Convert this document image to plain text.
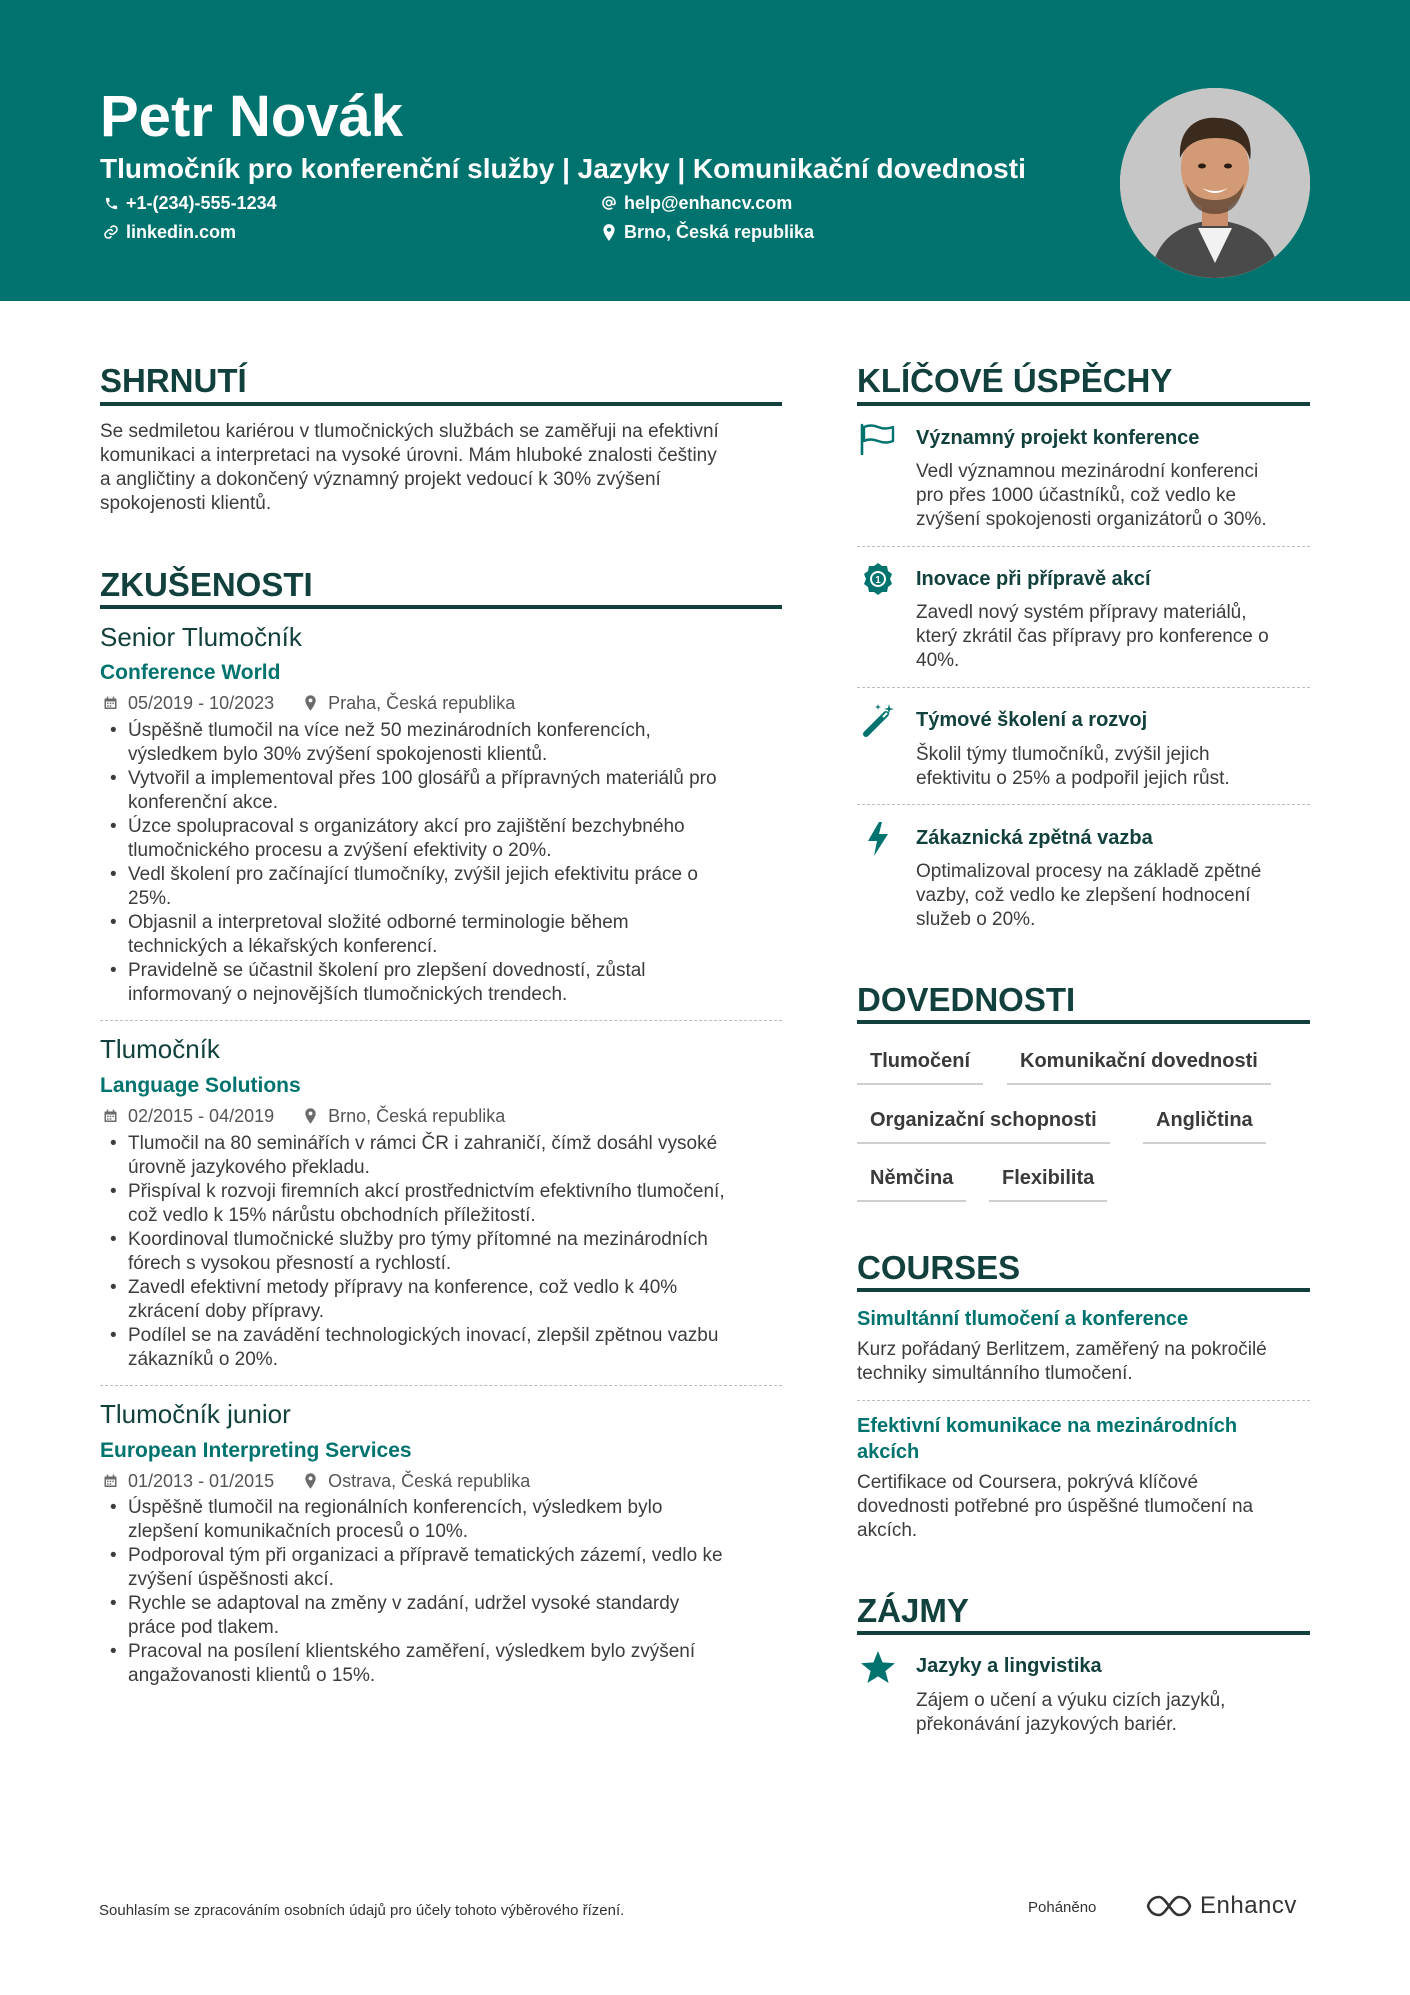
Petr Novák
Tlumočník pro konferenční služby | Jazyky | Komunikační dovednosti
+1-(234)-555-1234	help@enhancv.com
linkedin.com	Brno, Česká republika
SHRNUTÍ
Se sedmiletou kariérou v tlumočnických službách se zaměřuji na efektivní
komunikaci a interpretaci na vysoké úrovni. Mám hluboké znalosti češtiny
a angličtiny a dokončený významný projekt vedoucí k 30% zvýšení
spokojenosti klientů.
ZKUŠENOSTI
Senior Tlumočník
Conference World
05/2019 - 10/2023	Praha, Česká republika
• Úspěšně tlumočil na více než 50 mezinárodních konferencích,
výsledkem bylo 30% zvýšení spokojenosti klientů.
• Vytvořil a implementoval přes 100 glosářů a přípravných materiálů pro
konferenční akce.
• Úzce spolupracoval s organizátory akcí pro zajištění bezchybného
tlumočnického procesu a zvýšení efektivity o 20%.
• Vedl školení pro začínající tlumočníky, zvýšil jejich efektivitu práce o
25%.
• Objasnil a interpretoval složité odborné terminologie během
technických a lékařských konferencí.
• Pravidelně se účastnil školení pro zlepšení dovedností, zůstal
informovaný o nejnovějších tlumočnických trendech.
Tlumočník
Language Solutions
02/2015 - 04/2019	Brno, Česká republika
• Tlumočil na 80 seminářích v rámci ČR i zahraničí, čímž dosáhl vysoké
úrovně jazykového překladu.
• Přispíval k rozvoji firemních akcí prostřednictvím efektivního tlumočení,
což vedlo k 15% nárůstu obchodních příležitostí.
• Koordinoval tlumočnické služby pro týmy přítomné na mezinárodních
fórech s vysokou přesností a rychlostí.
• Zavedl efektivní metody přípravy na konference, což vedlo k 40%
zkrácení doby přípravy.
• Podílel se na zavádění technologických inovací, zlepšil zpětnou vazbu
zákazníků o 20%.
Tlumočník junior
European Interpreting Services
01/2013 - 01/2015	Ostrava, Česká republika
• Úspěšně tlumočil na regionálních konferencích, výsledkem bylo
zlepšení komunikačních procesů o 10%.
• Podporoval tým při organizaci a přípravě tematických zázemí, vedlo ke
zvýšení úspěšnosti akcí.
• Rychle se adaptoval na změny v zadání, udržel vysoké standardy
práce pod tlakem.
• Pracoval na posílení klientského zaměření, výsledkem bylo zvýšení
angažovanosti klientů o 15%.
KLÍČOVÉ ÚSPĚCHY
Významný projekt konference
Vedl významnou mezinárodní konferenci
pro přes 1000 účastníků, což vedlo ke
zvýšení spokojenosti organizátorů o 30%.
1 Inovace při přípravě akcí
Zavedl nový systém přípravy materiálů,
který zkrátil čas přípravy pro konference o
40%.
Týmové školení a rozvoj
Školil týmy tlumočníků, zvýšil jejich
efektivitu o 25% a podpořil jejich růst.
Zákaznická zpětná vazba
Optimalizoval procesy na základě zpětné
vazby, což vedlo ke zlepšení hodnocení
služeb o 20%.
DOVEDNOSTI
Tlumočení	Komunikační dovednosti
Organizační schopnosti	Angličtina
Němčina	Flexibilita
COURSES
Simultánní tlumočení a konference
Kurz pořádaný Berlitzem, zaměřený na pokročilé
techniky simultánního tlumočení.
Efektivní komunikace na mezinárodních
akcích
Certifikace od Coursera, pokrývá klíčové
dovednosti potřebné pro úspěšné tlumočení na
akcích.
ZÁJMY
Jazyky a lingvistika
Zájem o učení a výuku cizích jazyků,
překonávání jazykových bariér.
Souhlasím se zpracováním osobních údajů pro účely tohoto výběrového řízení.	Poháněno	Enhancv
